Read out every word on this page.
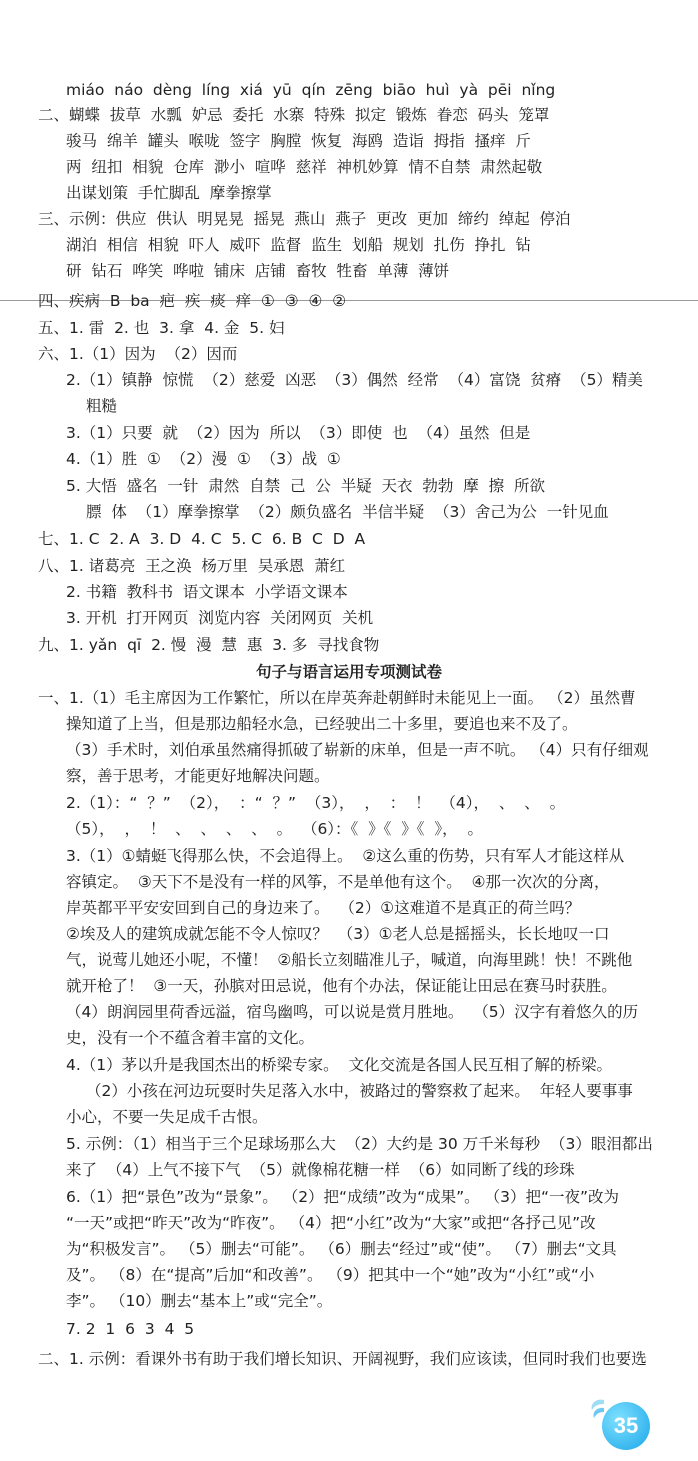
miáo  náo  dèng  líng  xiá  yū  qín  zēng  biāo  huì  yà  pēi  nǐng
二、蝴蝶  拔草  水瓢  妒忌  委托  水寨  特殊  拟定  锻炼  眷恋  码头  笼罩
骏马  绵羊  罐头  喉咙  签字  胸膛  恢复  海鸥  造诣  拇指  搔痒  斤
两  纽扣  相貌  仓库  渺小  喧哗  慈祥  神机妙算  情不自禁  肃然起敬
出谋划策  手忙脚乱  摩拳擦掌
三、示例：供应  供认  明晃晃  摇晃  燕山  燕子  更改  更加  缔约  绰起  停泊
湖泊  相信  相貌  吓人  威吓  监督  监生  划船  规划  扎伤  挣扎  钻
研  钻石  哗笑  哗啦  铺床  店铺  畜牧  牲畜  单薄  薄饼
四、疾病  B  ba  疤  疾  痰  痒  ①  ③  ④  ②
五、1. 雷  2. 也  3. 拿  4. 金  5. 妇
六、1.（1）因为  （2）因而
2.（1）镇静  惊慌  （2）慈爱  凶恶  （3）偶然  经常  （4）富饶  贫瘠  （5）精美
粗糙
3.（1）只要  就  （2）因为  所以  （3）即使  也  （4）虽然  但是
4.（1）胜  ①  （2）漫  ①  （3）战  ①
5. 大悟  盛名  一针  肃然  自禁  己  公  半疑  天衣  勃勃  摩  擦  所欲
膘  体  （1）摩拳擦掌  （2）颇负盛名  半信半疑  （3）舍己为公  一针见血
七、1. C  2. A  3. D  4. C  5. C  6. B  C  D  A
八、1. 诸葛亮  王之涣  杨万里  吴承恩  萧红
2. 书籍  教科书  语文课本  小学语文课本
3. 开机  打开网页  浏览内容  关闭网页  关机
九、1. yǎn  qī  2. 慢  漫  慧  惠  3. 多  寻找食物
一、1.（1）毛主席因为工作繁忙，所以在岸英奔赴朝鲜时未能见上一面。 （2）虽然曹
操知道了上当，但是那边船轻水急，已经驶出二十多里，要追也来不及了。
（3）手术时，刘伯承虽然痛得抓破了崭新的床单，但是一声不吭。 （4）只有仔细观
察，善于思考，才能更好地解决问题。
2.（1）：“  ？”  （2），  ：“  ？”  （3），  ，  ：  ！  （4），  、  、  。
（5），  ，  ！  、  、  、  、  。  （6）：《  》《  》《  》，  。
3.（1）①蜻蜓飞得那么快，不会追得上。  ②这么重的伤势，只有军人才能这样从
容镇定。  ③天下不是没有一样的风筝，不是单他有这个。  ④那一次次的分离，
岸英都平平安安回到自己的身边来了。  （2）①这难道不是真正的荷兰吗？
②埃及人的建筑成就怎能不令人惊叹？  （3）①老人总是摇摇头，长长地叹一口
气，说莺儿她还小呢，不懂！  ②船长立刻瞄准儿子，喊道，向海里跳！快！不跳他
就开枪了！  ③一天，孙膑对田忌说，他有个办法，保证能让田忌在赛马时获胜。
（4）朗润园里荷香远溢，宿鸟幽鸣，可以说是赏月胜地。  （5）汉字有着悠久的历
史，没有一个不蕴含着丰富的文化。
4.（1）茅以升是我国杰出的桥梁专家。  文化交流是各国人民互相了解的桥梁。
（2）小孩在河边玩耍时失足落入水中，被路过的警察救了起来。  年轻人要事事
小心，不要一失足成千古恨。
5. 示例：（1）相当于三个足球场那么大  （2）大约是 30 万千米每秒  （3）眼泪都出
来了  （4）上气不接下气  （5）就像棉花糖一样  （6）如同断了线的珍珠
6.（1）把“景色”改为“景象”。 （2）把“成绩”改为“成果”。 （3）把“一夜”改为
“一天”或把“昨天”改为“昨夜”。 （4）把“小红”改为“大家”或把“各抒己见”改
为“积极发言”。 （5）删去“可能”。 （6）删去“经过”或“使”。 （7）删去“文具
及”。 （8）在“提高”后加“和改善”。 （9）把其中一个“她”改为“小红”或“小
李”。 （10）删去“基本上”或“完全”。
7. 2  1  6  3  4  5
二、1. 示例：看课外书有助于我们增长知识、开阔视野，我们应该读，但同时我们也要选
句子与语言运用专项测试卷
35
